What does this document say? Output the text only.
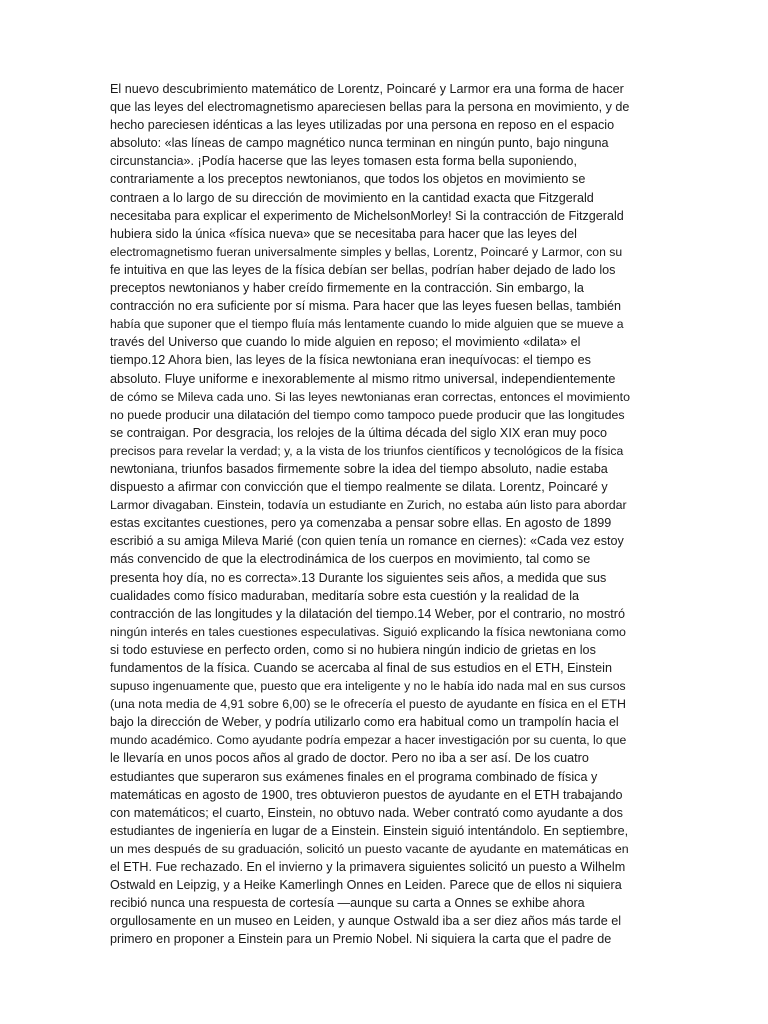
El nuevo descubrimiento matemático de Lorentz, Poincaré y Larmor era una forma de hacer
que las leyes del electromagnetismo apareciesen bellas para la persona en movimiento, y de
hecho pareciesen idénticas a las leyes utilizadas por una persona en reposo en el espacio
absoluto: «las líneas de campo magnético nunca terminan en ningún punto, bajo ninguna
circunstancia». ¡Podía hacerse que las leyes tomasen esta forma bella suponiendo,
contrariamente a los preceptos newtonianos, que todos los objetos en movimiento se
contraen a lo largo de su dirección de movimiento en la cantidad exacta que Fitzgerald
necesitaba para explicar el experimento de MichelsonMorley! Si la contracción de Fitzgerald
hubiera sido la única «física nueva» que se necesitaba para hacer que las leyes del
electromagnetismo fueran universalmente simples y bellas, Lorentz, Poincaré y Larmor, con su
fe intuitiva en que las leyes de la física debían ser bellas, podrían haber dejado de lado los
preceptos newtonianos y haber creído firmemente en la contracción. Sin embargo, la
contracción no era suficiente por sí misma. Para hacer que las leyes fuesen bellas, también
había que suponer que el tiempo fluía más lentamente cuando lo mide alguien que se mueve a
través del Universo que cuando lo mide alguien en reposo; el movimiento «dilata» el
tiempo.12 Ahora bien, las leyes de la física newtoniana eran inequívocas: el tiempo es
absoluto. Fluye uniforme e inexorablemente al mismo ritmo universal, independientemente
de cómo se Mileva cada uno. Si las leyes newtonianas eran correctas, entonces el movimiento
no puede producir una dilatación del tiempo como tampoco puede producir que las longitudes
se contraigan. Por desgracia, los relojes de la última década del siglo XIX eran muy poco
precisos para revelar la verdad; y, a la vista de los triunfos científicos y tecnológicos de la física
newtoniana, triunfos basados firmemente sobre la idea del tiempo absoluto, nadie estaba
dispuesto a afirmar con convicción que el tiempo realmente se dilata. Lorentz, Poincaré y
Larmor divagaban. Einstein, todavía un estudiante en Zurich, no estaba aún listo para abordar
estas excitantes cuestiones, pero ya comenzaba a pensar sobre ellas. En agosto de 1899
escribió a su amiga Mileva Marié (con quien tenía un romance en ciernes): «Cada vez estoy
más convencido de que la electrodinámica de los cuerpos en movimiento, tal como se
presenta hoy día, no es correcta».13 Durante los siguientes seis años, a medida que sus
cualidades como físico maduraban, meditaría sobre esta cuestión y la realidad de la
contracción de las longitudes y la dilatación del tiempo.14 Weber, por el contrario, no mostró
ningún interés en tales cuestiones especulativas. Siguió explicando la física newtoniana como
si todo estuviese en perfecto orden, como si no hubiera ningún indicio de grietas en los
fundamentos de la física. Cuando se acercaba al final de sus estudios en el ETH, Einstein
supuso ingenuamente que, puesto que era inteligente y no le había ido nada mal en sus cursos
(una nota media de 4,91 sobre 6,00) se le ofrecería el puesto de ayudante en física en el ETH
bajo la dirección de Weber, y podría utilizarlo como era habitual como un trampolín hacia el
mundo académico. Como ayudante podría empezar a hacer investigación por su cuenta, lo que
le llevaría en unos pocos años al grado de doctor. Pero no iba a ser así. De los cuatro
estudiantes que superaron sus exámenes finales en el programa combinado de física y
matemáticas en agosto de 1900, tres obtuvieron puestos de ayudante en el ETH trabajando
con matemáticos; el cuarto, Einstein, no obtuvo nada. Weber contrató como ayudante a dos
estudiantes de ingeniería en lugar de a Einstein. Einstein siguió intentándolo. En septiembre,
un mes después de su graduación, solicitó un puesto vacante de ayudante en matemáticas en
el ETH. Fue rechazado. En el invierno y la primavera siguientes solicitó un puesto a Wilhelm
Ostwald en Leipzig, y a Heike Kamerlingh Onnes en Leiden. Parece que de ellos ni siquiera
recibió nunca una respuesta de cortesía —aunque su carta a Onnes se exhibe ahora
orgullosamente en un museo en Leiden, y aunque Ostwald iba a ser diez años más tarde el
primero en proponer a Einstein para un Premio Nobel. Ni siquiera la carta que el padre de
